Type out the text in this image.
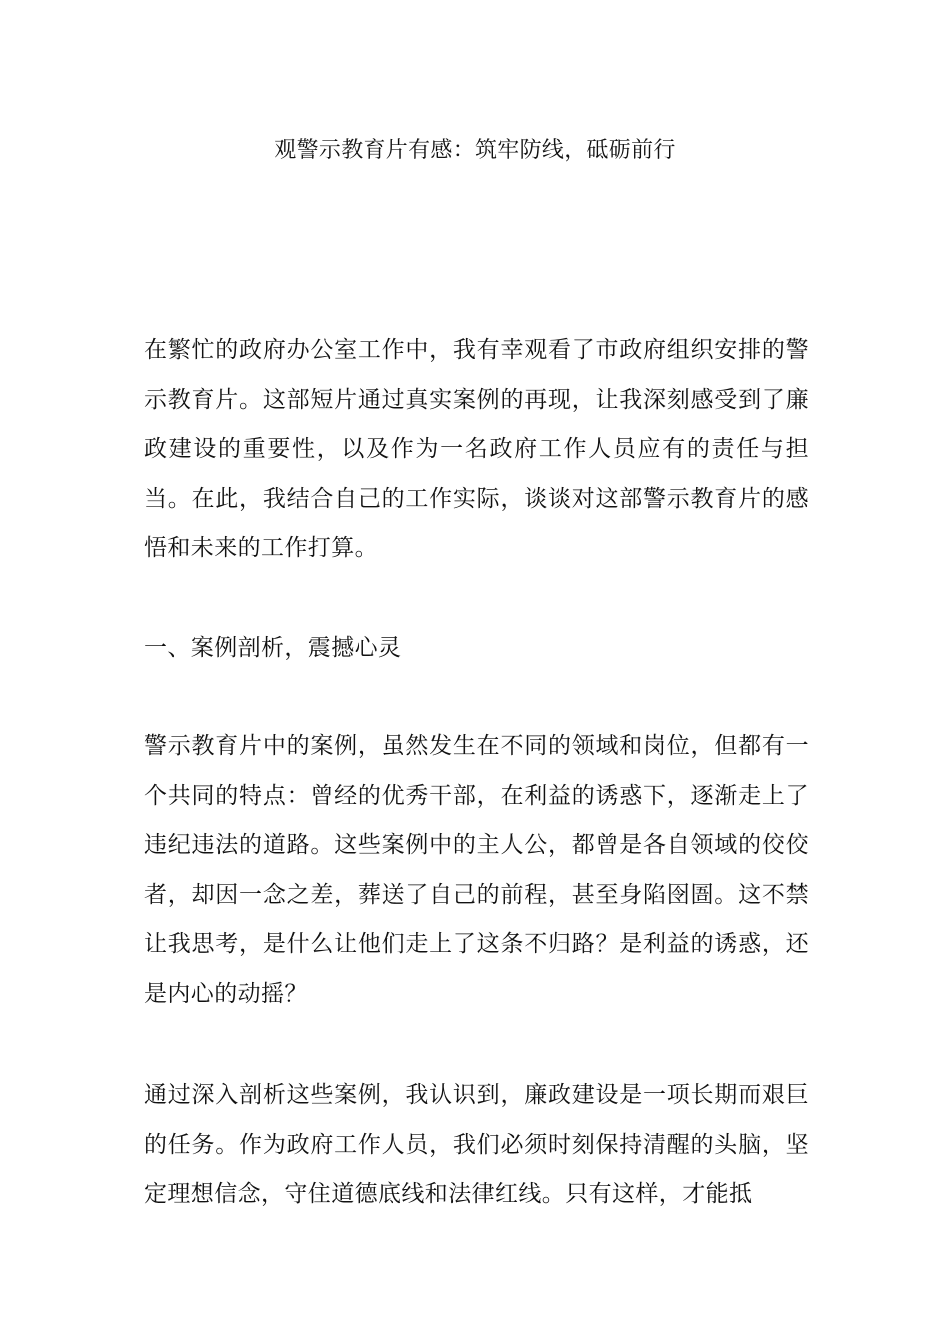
观警示教育片有感：筑牢防线，砥砺前行

在繁忙的政府办公室工作中，我有幸观看了市政府组织安排的警示教育片。这部短片通过真实案例的再现，让我深刻感受到了廉政建设的重要性，以及作为一名政府工作人员应有的责任与担当。在此，我结合自己的工作实际，谈谈对这部警示教育片的感悟和未来的工作打算。

一、案例剖析，震撼心灵

警示教育片中的案例，虽然发生在不同的领域和岗位，但都有一个共同的特点：曾经的优秀干部，在利益的诱惑下，逐渐走上了违纪违法的道路。这些案例中的主人公，都曾是各自领域的佼佼者，却因一念之差，葬送了自己的前程，甚至身陷囹圄。这不禁让我思考，是什么让他们走上了这条不归路？是利益的诱惑，还是内心的动摇？

通过深入剖析这些案例，我认识到，廉政建设是一项长期而艰巨的任务。作为政府工作人员，我们必须时刻保持清醒的头脑，坚定理想信念，守住道德底线和法律红线。只有这样，才能抵
